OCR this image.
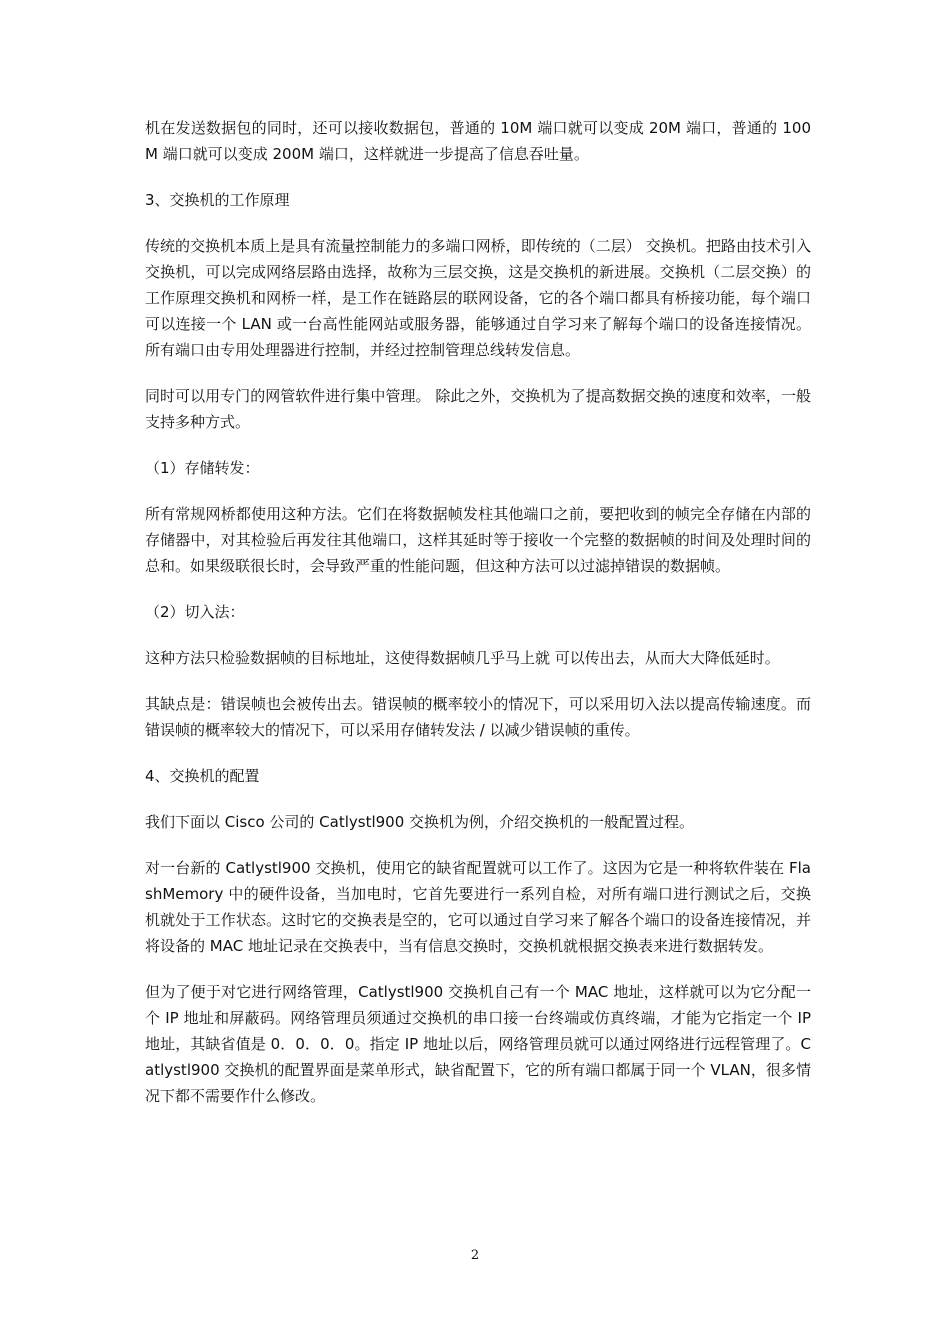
机在发送数据包的同时，还可以接收数据包，普通的 10M 端口就可以变成 20M 端口，普通的 100M 端口就可以变成 200M 端口，这样就进一步提高了信息吞吐量。

3、交换机的工作原理

传统的交换机本质上是具有流量控制能力的多端口网桥，即传统的（二层） 交换机。把路由技术引入交换机，可以完成网络层路由选择，故称为三层交换，这是交换机的新进展。交换机（二层交换）的工作原理交换机和网桥一样，是工作在链路层的联网设备，它的各个端口都具有桥接功能，每个端口可以连接一个 LAN 或一台高性能网站或服务器，能够通过自学习来了解每个端口的设备连接情况。所有端口由专用处理器进行控制，并经过控制管理总线转发信息。

同时可以用专门的网管软件进行集中管理。 除此之外，交换机为了提高数据交换的速度和效率，一般支持多种方式。

（1）存储转发：

所有常规网桥都使用这种方法。它们在将数据帧发柱其他端口之前，要把收到的帧完全存储在内部的存储器中，对其检验后再发往其他端口，这样其延时等于接收一个完整的数据帧的时间及处理时间的总和。如果级联很长时，会导致严重的性能问题，但这种方法可以过滤掉错误的数据帧。

（2）切入法：

这种方法只检验数据帧的目标地址，这使得数据帧几乎马上就 可以传出去，从而大大降低延时。

其缺点是：错误帧也会被传出去。错误帧的概率较小的情况下，可以采用切入法以提高传输速度。而错误帧的概率较大的情况下，可以采用存储转发法 / 以减少错误帧的重传。

4、交换机的配置

我们下面以 Cisco 公司的 Catlystl900 交换机为例，介绍交换机的一般配置过程。

对一台新的 Catlystl900 交换机，使用它的缺省配置就可以工作了。这因为它是一种将软件装在 FlashMemory 中的硬件设备，当加电时，它首先要进行一系列自检，对所有端口进行测试之后，交换机就处于工作状态。这时它的交换表是空的，它可以通过自学习来了解各个端口的设备连接情况，并将设备的 MAC 地址记录在交换表中，当有信息交换时，交换机就根据交换表来进行数据转发。

但为了便于对它进行网络管理，Catlystl900 交换机自己有一个 MAC 地址，这样就可以为它分配一个 IP 地址和屏蔽码。网络管理员须通过交换机的串口接一台终端或仿真终端，才能为它指定一个 IP 地址，其缺省值是 0．0．0．0。指定 IP 地址以后，网络管理员就可以通过网络进行远程管理了。Catlystl900 交换机的配置界面是菜单形式，缺省配置下，它的所有端口都属于同一个 VLAN，很多情况下都不需要作什么修改。

2
